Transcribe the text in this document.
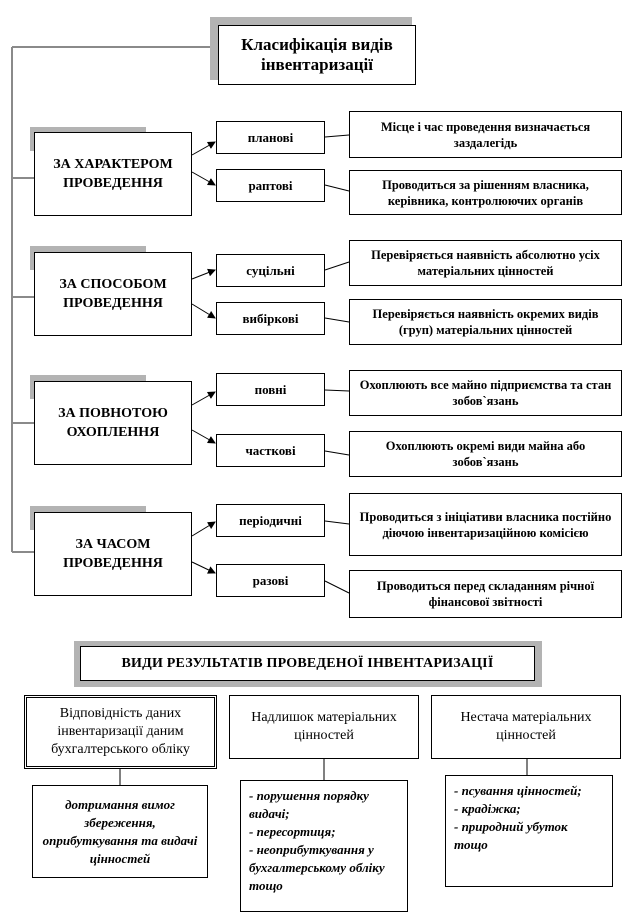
Класифікація видів інвентаризації
ЗА ХАРАКТЕРОМ ПРОВЕДЕННЯ
планові
раптові
Місце і час проведення визначається заздалегідь
Проводиться за рішенням власника, керівника, контролюючих органів
ЗА СПОСОБОМ ПРОВЕДЕННЯ
суцільні
вибіркові
Перевіряється наявність абсолютно усіх матеріальних цінностей
Перевіряється наявність окремих видів (груп) матеріальних цінностей
ЗА ПОВНОТОЮ ОХОПЛЕННЯ
повні
часткові
Охоплюють все майно підприємства та стан зобов`язань
Охоплюють окремі види майна або зобов`язань
ЗА ЧАСОМ ПРОВЕДЕННЯ
періодичні
разові
Проводиться з ініціативи власника постійно діючою інвентаризаційною комісією
Проводиться перед складанням річної фінансової звітності
ВИДИ РЕЗУЛЬТАТІВ ПРОВЕДЕНОЇ ІНВЕНТАРИЗАЦІЇ
Відповідність даних інвентаризації даним бухгалтерського обліку
Надлишок матеріальних цінностей
Нестача матеріальних цінностей
дотримання вимог збереження, оприбуткування та видачі цінностей
- порушення порядку видачі;
- пересортиця;
- неоприбуткування у бухгалтерському обліку тощо
- псування цінностей;
- крадіжка;
- природний убуток тощо
